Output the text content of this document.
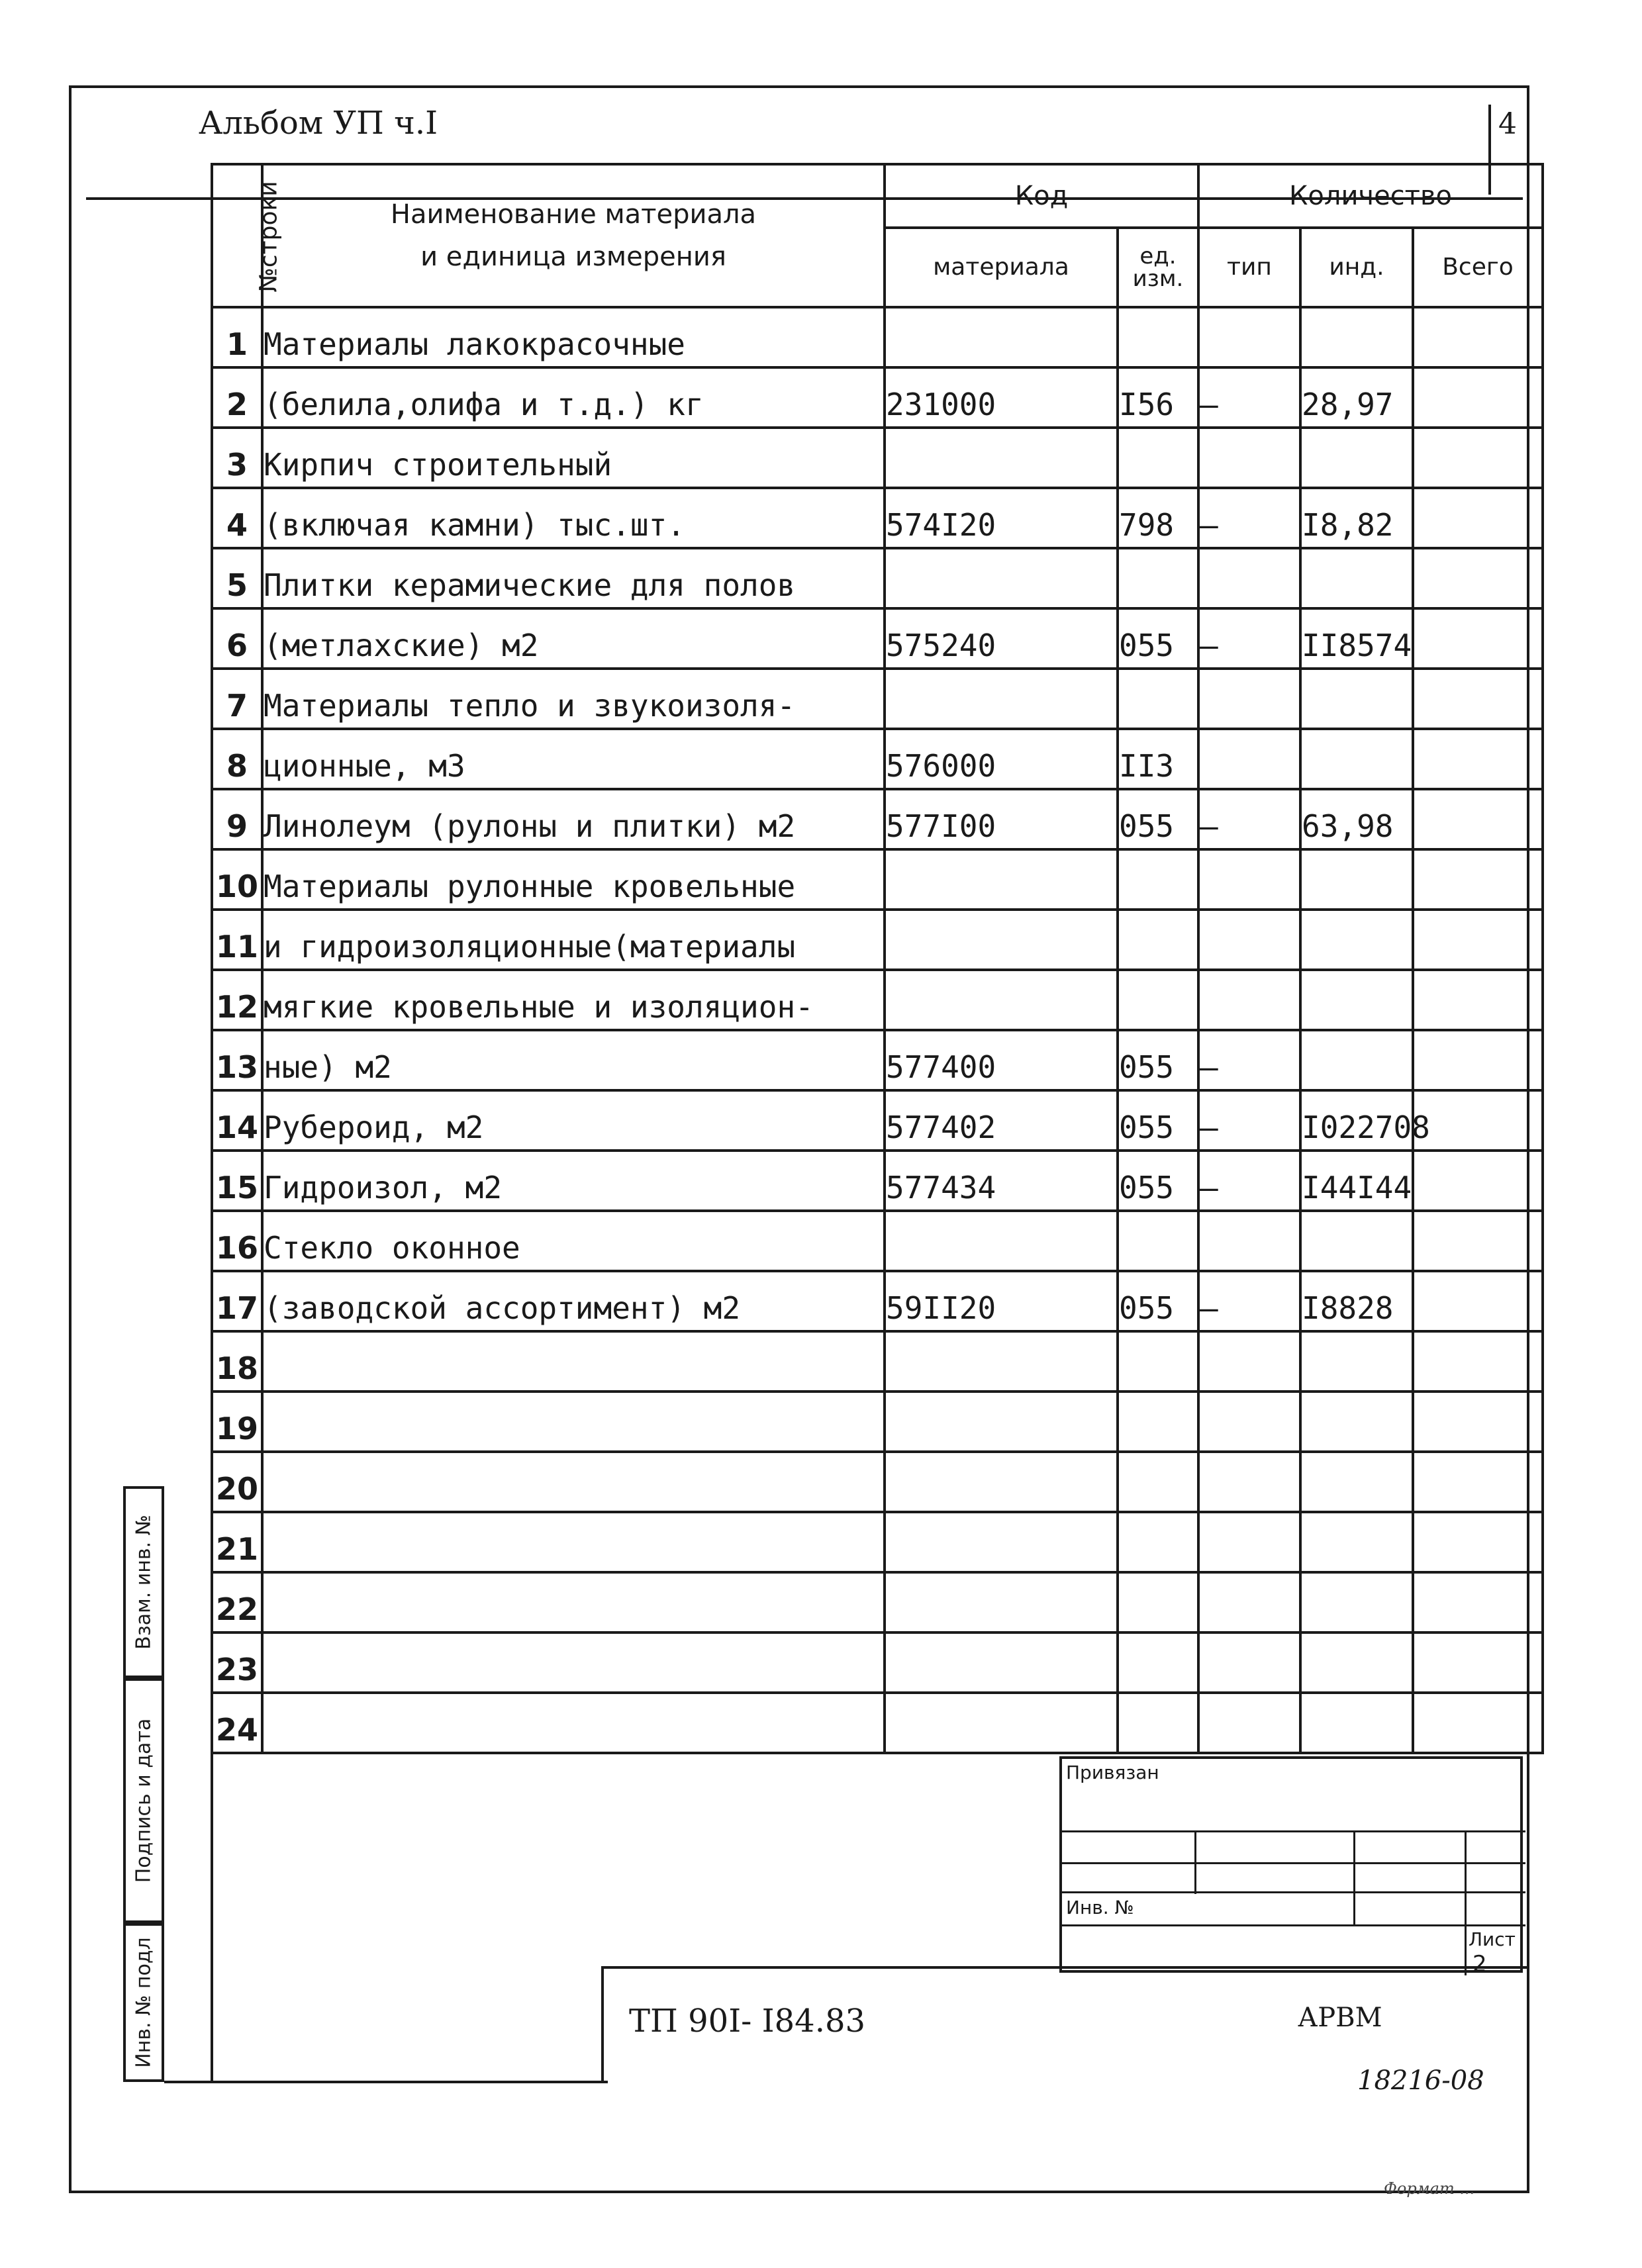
Альбом УП ч.I	4
№строки	Наименование материала
и единица измерения	Код		Количество		
		материала	ед. изм.	тип	инд.	Всего
1	Материалы лакокрасочные					
2	(белила,олифа и т.д.) кг	231000	I56	–	28,97	
3	Кирпич строительный					
4	(включая камни) тыс.шт.	574I20	798	–	I8,82	
5	Плитки керамические для полов					
6	(метлахские) м2	575240	055	–	II8574	
7	Материалы тепло и звукоизоля-					
8	ционные, м3	576000	II3			
9	Линолеум (рулоны и плитки) м2	577I00	055	–	63,98	
10	Материалы рулонные кровельные					
11	и гидроизоляционные(материалы					
12	мягкие кровельные и изоляцион-					
13	ные) м2	577400	055	–		
14	Рубероид, м2	577402	055	–	I022708	
15	Гидроизол, м2	577434	055	–	I44I44	
16	Стекло оконное					
17	(заводской ассортимент) м2	59II20	055	–	I8828	
18						
19						
20						
21						
22						
23						
24						
Взам. инв. №
Подпись и дата
Инв. № подл
Привязан
Инв. №
Лист
2
ТП 90I- I84.83	АРВМ
18216-08
Формат ...
